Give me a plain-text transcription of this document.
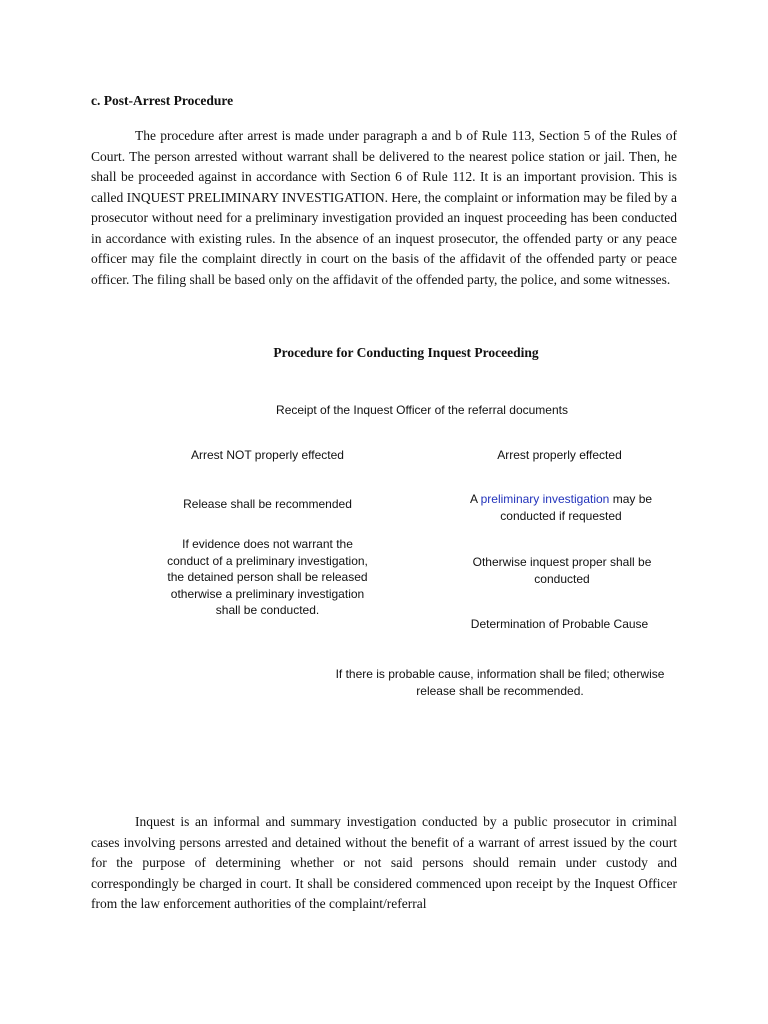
c. Post-Arrest Procedure

The procedure after arrest is made under paragraph a and b of Rule 113, Section 5 of the Rules of Court. The person arrested without warrant shall be delivered to the nearest police station or jail. Then, he shall be proceeded against in accordance with Section 6 of Rule 112. It is an important provision. This is called INQUEST PRELIMINARY INVESTIGATION. Here, the complaint or information may be filed by a prosecutor without need for a preliminary investigation provided an inquest proceeding has been conducted in accordance with existing rules. In the absence of an inquest prosecutor, the offended party or any peace officer may file the complaint directly in court on the basis of the affidavit of the offended party or peace officer. The filing shall be based only on the affidavit of the offended party, the police, and some witnesses.

Procedure for Conducting Inquest Proceeding
Receipt of the Inquest Officer of the referral documents
Arrest NOT properly effected	Arrest properly effected
Release shall be recommended	A preliminary investigation may be conducted if requested
If evidence does not warrant the conduct of a preliminary investigation, the detained person shall be released otherwise a preliminary investigation shall be conducted.
Otherwise inquest proper shall be conducted
Determination of Probable Cause
If there is probable cause, information shall be filed; otherwise release shall be recommended.

Inquest is an informal and summary investigation conducted by a public prosecutor in criminal cases involving persons arrested and detained without the benefit of a warrant of arrest issued by the court for the purpose of determining whether or not said persons should remain under custody and correspondingly be charged in court. It shall be considered commenced upon receipt by the Inquest Officer from the law enforcement authorities of the complaint/referral
